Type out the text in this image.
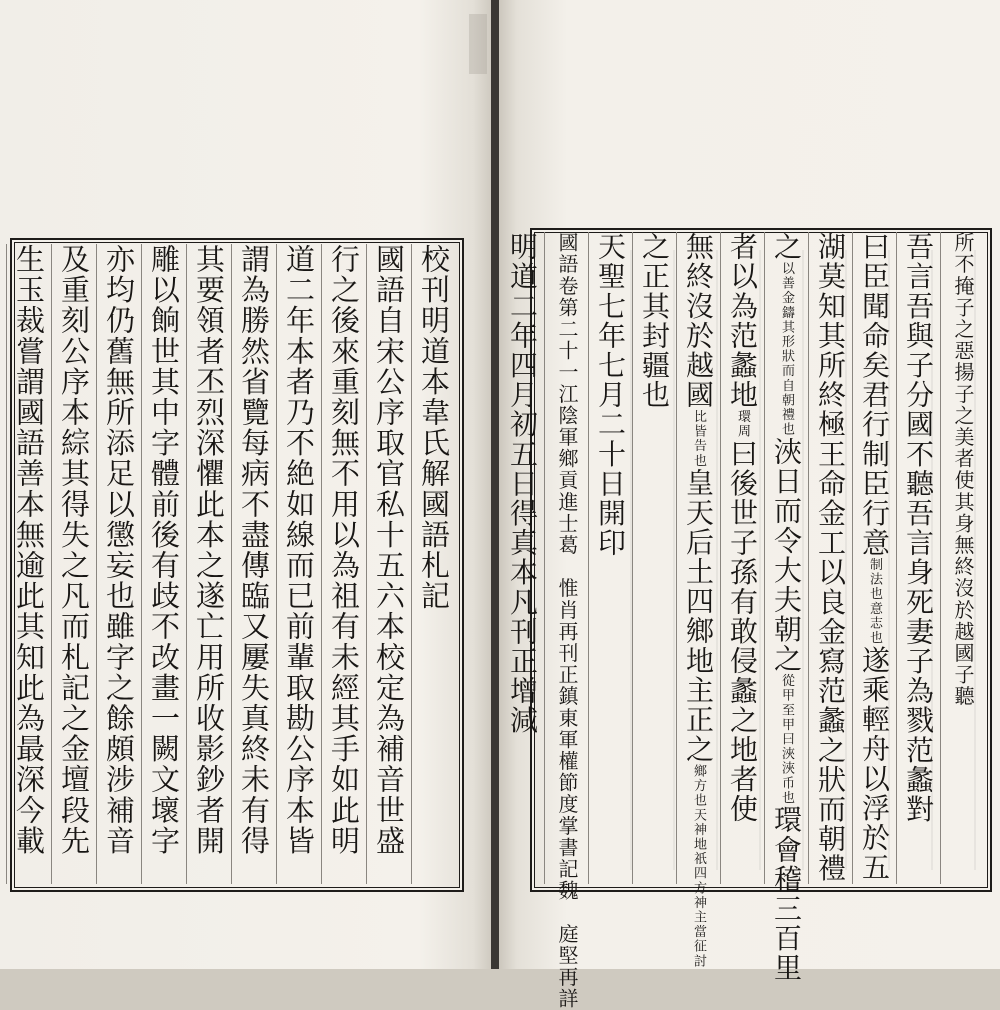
校刊明道本韋氏解國語札記
國語自宋公序取官私十五六本校定為補音世盛
行之後來重刻無不用以為祖有未經其手如此明
道二年本者乃不絶如線而已前輩取勘公序本皆
謂為勝然省覽每病不盡傳臨又屢失真終未有得
其要領者丕烈深懼此本之遂亡用所收影鈔者開
雕以餉世其中字體前後有歧不改畫一闕文壞字
亦均仍舊無所添足以懲妄也雖字之餘頗涉補音
及重刻公序本綜其得失之凡而札記之金壇段先
生玉裁嘗謂國語善本無逾此其知此為最深今載	所不掩子之惡揚子之美者使其身無終沒於越國子聽
吾言吾與子分國不聽吾言身死妻子為戮范蠡對
曰臣聞命矣君行制臣行意制法也意志也遂乘輕舟以浮於五
湖莫知其所終極王命金工以良金寫范蠡之狀而朝禮
之以善金鑄其形狀而自朝禮也浹日而令大夫朝之從甲至甲曰浹浹币也環會稽三百里
者以為范蠡地環周曰後世子孫有敢侵蠡之地者使
無終沒於越國比皆告也皇天后土四鄉地主正之鄉方也天神地祇四方神主當征討
之正其封疆也
天聖七年七月二十日開印
國語卷第二十一江陰軍鄉貢進士葛　惟肖再刊正鎮東軍權節度掌書記魏　庭堅再詳
明道二年四月初五日得真本凡刊正增減
